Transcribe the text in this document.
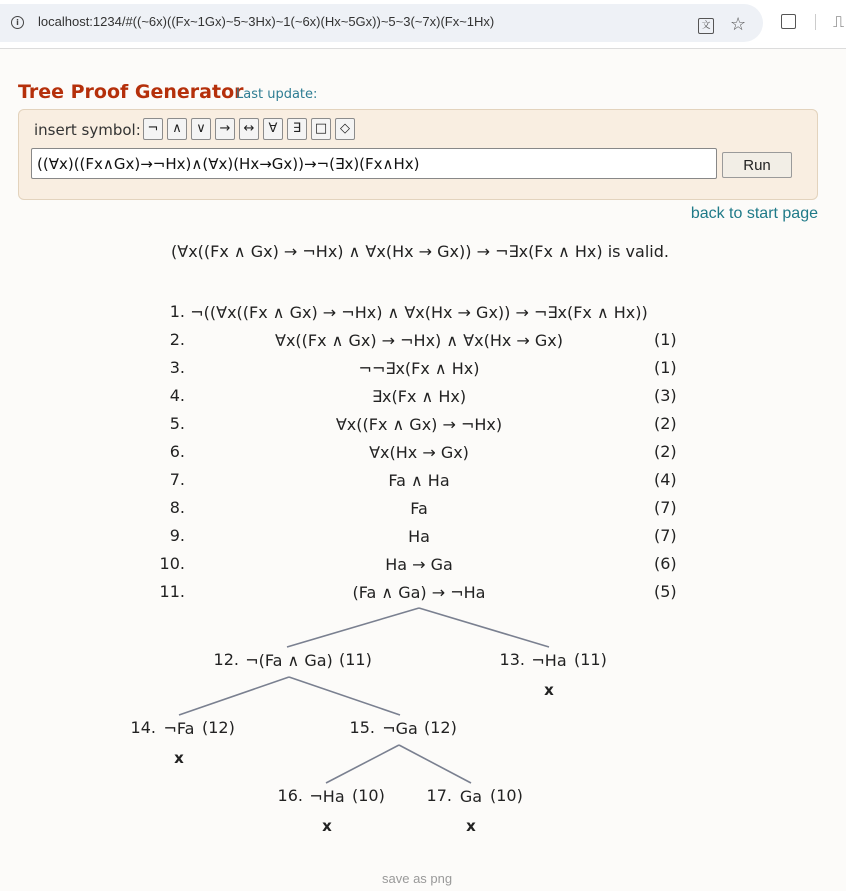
i	localhost:1234/#((~6x)((Fx~1Gx)~5~3Hx)~1(~6x)(Hx~5Gx))~5~3(~7x)(Fx~1Hx)	文 ☆	⎍
Tree Proof Generator
Last update:
insert symbol: ¬	∧	∨	→	↔	∀	∃	□ ◇
((∀x)((Fx∧Gx)→¬Hx)∧(∀x)(Hx→Gx))→¬(∃x)(Fx∧Hx)
Run
back to start page
(∀x((Fx ∧ Gx) → ¬Hx) ∧ ∀x(Hx → Gx)) → ¬∃x(Fx ∧ Hx) is valid.
1. ¬((∀x((Fx ∧ Gx) → ¬Hx) ∧ ∀x(Hx → Gx)) → ¬∃x(Fx ∧ Hx))
2.	∀x((Fx ∧ Gx) → ¬Hx) ∧ ∀x(Hx → Gx)	(1)
3.	¬¬∃x(Fx ∧ Hx)	(1)
4.	∃x(Fx ∧ Hx)	(3)
5.	∀x((Fx ∧ Gx) → ¬Hx)	(2)
6.	∀x(Hx → Gx)	(2)
7.	Fa ∧ Ha	(4)
8.	Fa	(7)
9.	Ha	(7)
10.	Ha → Ga	(6)
11.	(Fa ∧ Ga) → ¬Ha	(5)
12. ¬(Fa ∧ Ga) (11)	13. ¬Ha (11)
x
14. ¬Fa (12)
x
15. ¬Ga (12)
16. ¬Ha (10)
x
17. Ga (10)
x
save as png
